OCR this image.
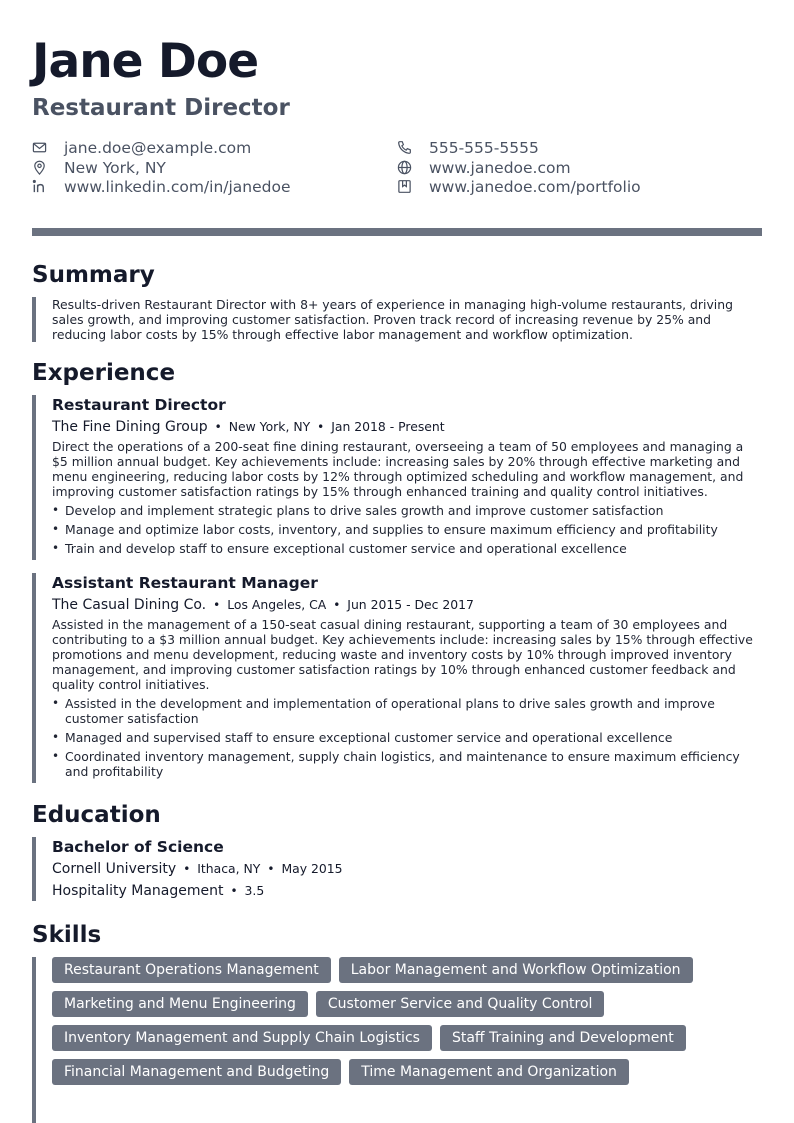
Jane Doe
Restaurant Director
jane.doe@example.com	555-555-5555
New York, NY	www.janedoe.com
www.linkedin.com/in/janedoe	www.janedoe.com/portfolio
Summary

Results-driven Restaurant Director with 8+ years of experience in managing high-volume restaurants, driving sales growth, and improving customer satisfaction. Proven track record of increasing revenue by 25% and reducing labor costs by 15% through effective labor management and workflow optimization.

Experience

Restaurant Director

The Fine Dining Group • New York, NY • Jan 2018 - Present

Direct the operations of a 200-seat fine dining restaurant, overseeing a team of 50 employees and managing a $5 million annual budget. Key achievements include: increasing sales by 20% through effective marketing and menu engineering, reducing labor costs by 12% through optimized scheduling and workflow management, and improving customer satisfaction ratings by 15% through enhanced training and quality control initiatives.

• Develop and implement strategic plans to drive sales growth and improve customer satisfaction
• Manage and optimize labor costs, inventory, and supplies to ensure maximum efficiency and profitability
• Train and develop staff to ensure exceptional customer service and operational excellence

Assistant Restaurant Manager

The Casual Dining Co. • Los Angeles, CA • Jun 2015 - Dec 2017

Assisted in the management of a 150-seat casual dining restaurant, supporting a team of 30 employees and contributing to a $3 million annual budget. Key achievements include: increasing sales by 15% through effective promotions and menu development, reducing waste and inventory costs by 10% through improved inventory management, and improving customer satisfaction ratings by 10% through enhanced customer feedback and quality control initiatives.

• Assisted in the development and implementation of operational plans to drive sales growth and improve customer satisfaction
• Managed and supervised staff to ensure exceptional customer service and operational excellence
• Coordinated inventory management, supply chain logistics, and maintenance to ensure maximum efficiency and profitability
Education

Bachelor of Science

Cornell University • Ithaca, NY • May 2015

Hospitality Management • 3.5

Skills
Restaurant Operations Management	Labor Management and Workflow Optimization
Marketing and Menu Engineering	Customer Service and Quality Control
Inventory Management and Supply Chain Logistics	Staff Training and Development
Financial Management and Budgeting	Time Management and Organization
